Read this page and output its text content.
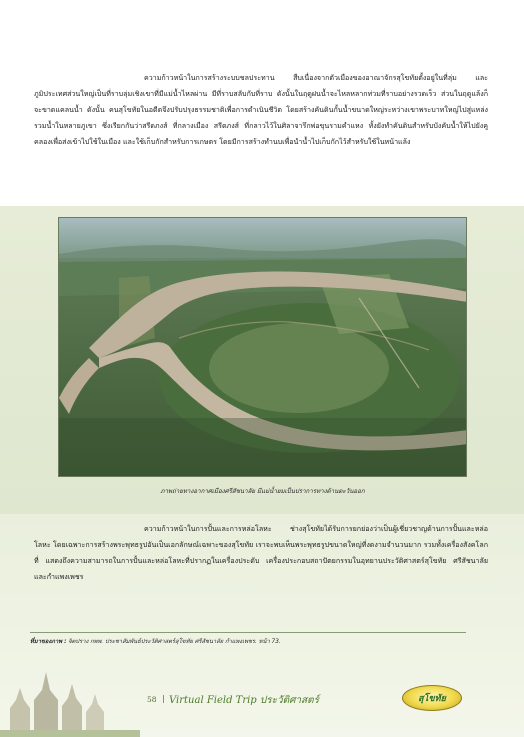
ความก้าวหน้าในการสร้างระบบชลประทาน สืบเนื่องจากตัวเมืองของอาณาจักรสุโขทัยตั้งอยู่ในที่ลุ่ม และภูมิประเทศส่วนใหญ่เป็นที่ราบลุ่มเชิงเขาที่มีแม่น้ำไหลผ่าน มีที่ราบสลับกับที่ราบ ดังนั้นในฤดูฝนน้ำจะไหลหลากท่วมที่ราบอย่างรวดเร็ว ส่วนในฤดูแล้งก็จะขาดแคลนน้ำ ดังนั้น คนสุโขทัยในอดีตจึงปรับปรุงธรรมชาติเพื่อการดำเนินชีวิต โดยสร้างคันดินกั้นน้ำขนาดใหญ่ระหว่างเขาพระบาทใหญ่ไปสู่แหล่งรวมน้ำในหลายภูเขา ซึ่งเรียกกันว่าสรีดภงส์ ที่กลางเมือง สรีดภงส์ ที่กลาวไว้ในศิลาจารึกพ่อขุนรามคำแหง ทั้งยังทำคันดินสำหรับบังคับน้ำให้ไปยังคูคลองเพื่อส่งเข้าไปใช้ในเมือง และใช้เก็บกักสำหรับการเกษตร โดยมีการสร้างทำนบเพื่อนำน้ำไปเก็บกักไว้สำหรับใช้ในหน้าแล้ง

ภาพถ่ายทางอากาศเมืองศรีสัชนาลัย มีแม่น้ำยมเป็นปราการทางด้านตะวันออก

ความก้าวหน้าในการปั้นและการหล่อโลหะ ช่างสุโขทัยได้รับการยกย่องว่าเป็นผู้เชี่ยวชาญด้านการปั้นและหล่อโลหะ โดยเฉพาะการสร้างพระพุทธรูปอันเป็นเอกลักษณ์เฉพาะของสุโขทัย เราจะพบเห็นพระพุทธรูปขนาดใหญ่ที่งดงามจำนวนมาก รวมทั้งเครื่องสังคโลกที่ แสดงถึงความสามารถในการปั้นและหล่อโลหะที่ปรากฏในเครื่องประดับ เครื่องประกอบสถาปัตยกรรมในอุทยานประวัติศาสตร์สุโขทัย ศรีสัชนาลัย และกำแพงเพชร

ที่มาของภาพ : จิตปราง กพพ. ประชาสัมพันธ์ประวัติศาสตร์สุโขทัย ศรีสัชนาลัย กำแพงเพชร. หน้า 73.
58 | Virtual Field Trip ประวัติศาสตร์	สุโขทัย
